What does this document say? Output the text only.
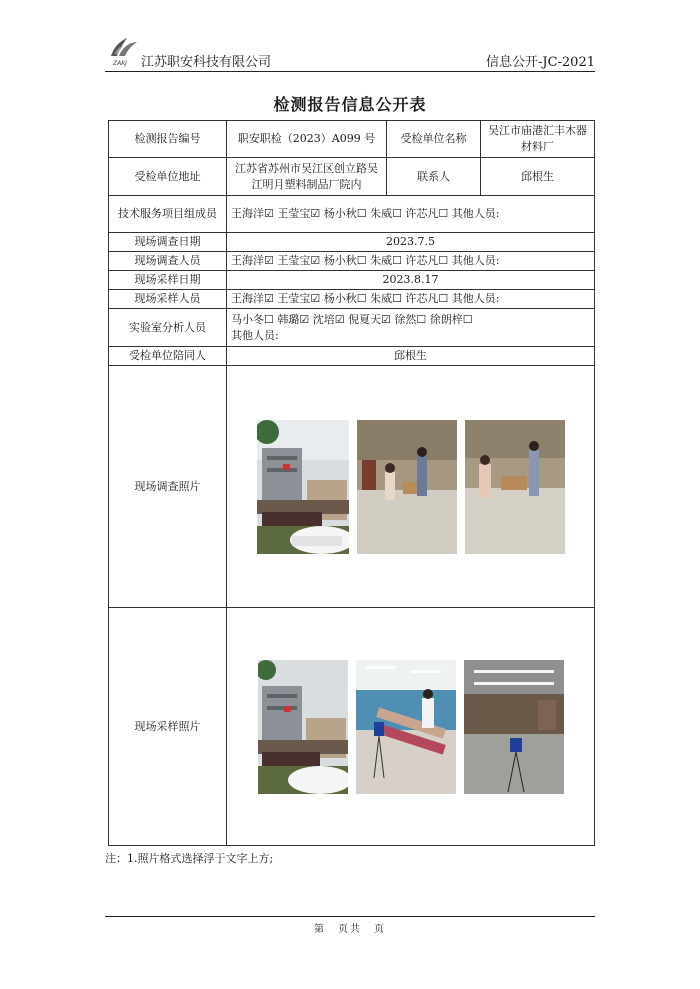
ZAKJ 江苏职安科技有限公司	信息公开-JC-2021
检测报告信息公开表
检测报告编号	职安职检（2023）A099 号	受检单位名称	吴江市庙港汇丰木器材料厂
受检单位地址	江苏省苏州市吴江区创立路吴江明月塑料制品厂院内	联系人	邱根生
技术服务项目组成员	王海洋☑ 王莹宝☑ 杨小秋☐ 朱威☐ 许芯凡☐ 其他人员:		
现场调查日期	2023.7.5		
现场调查人员	王海洋☑ 王莹宝☑ 杨小秋☐ 朱威☐ 许芯凡☐ 其他人员:		
现场采样日期	2023.8.17		
现场采样人员	王海洋☑ 王莹宝☑ 杨小秋☐ 朱威☐ 许芯凡☐ 其他人员:		
实验室分析人员	马小冬☐ 韩璐☑ 沈培☑ 倪夏天☑ 徐然☐ 徐朗梓☐
其他人员:		

受检单位陪同人	邱根生		
现场调查照片	

现场采样照片	
注：1.照片格式选择浮于文字上方;
第　页共　页
